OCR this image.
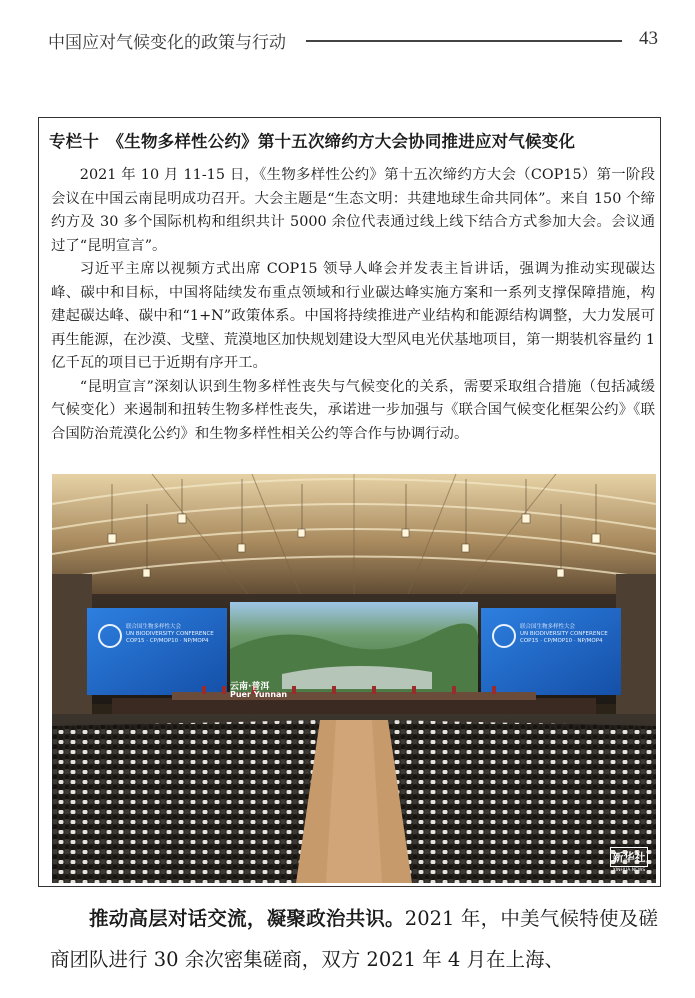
中国应对气候变化的政策与行动	43
专栏十　《生物多样性公约》第十五次缔约方大会协同推进应对气候变化

2021 年 10 月 11-15 日，《生物多样性公约》第十五次缔约方大会（COP15）第一阶段会议在中国云南昆明成功召开。大会主题是“生态文明：共建地球生命共同体”。来自 150 个缔约方及 30 多个国际机构和组织共计 5000 余位代表通过线上线下结合方式参加大会。会议通过了“昆明宣言”。

习近平主席以视频方式出席 COP15 领导人峰会并发表主旨讲话，强调为推动实现碳达峰、碳中和目标，中国将陆续发布重点领域和行业碳达峰实施方案和一系列支撑保障措施，构建起碳达峰、碳中和“1+N”政策体系。中国将持续推进产业结构和能源结构调整，大力发展可再生能源，在沙漠、戈壁、荒漠地区加快规划建设大型风电光伏基地项目，第一期装机容量约 1 亿千瓦的项目已于近期有序开工。

“昆明宣言”深刻认识到生物多样性丧失与气候变化的关系，需要采取组合措施（包括减缓气候变化）来遏制和扭转生物多样性丧失，承诺进一步加强与《联合国气候变化框架公约》《联合国防治荒漠化公约》和生物多样性相关公约等合作与协调行动。

云南·普洱
Puer Yunnan
联合国生物多样性大会
UN BIODIVERSITY CONFERENCE
COP15 · CP/MOP10 · NP/MOP4
联合国生物多样性大会
UN BIODIVERSITY CONFERENCE
COP15 · CP/MOP10 · NP/MOP4
新华社
XINHUA NEWS

推动高层对话交流，凝聚政治共识。2021 年，中美气候特使及磋商团队进行 30 余次密集磋商，双方 2021 年 4 月在上海、
